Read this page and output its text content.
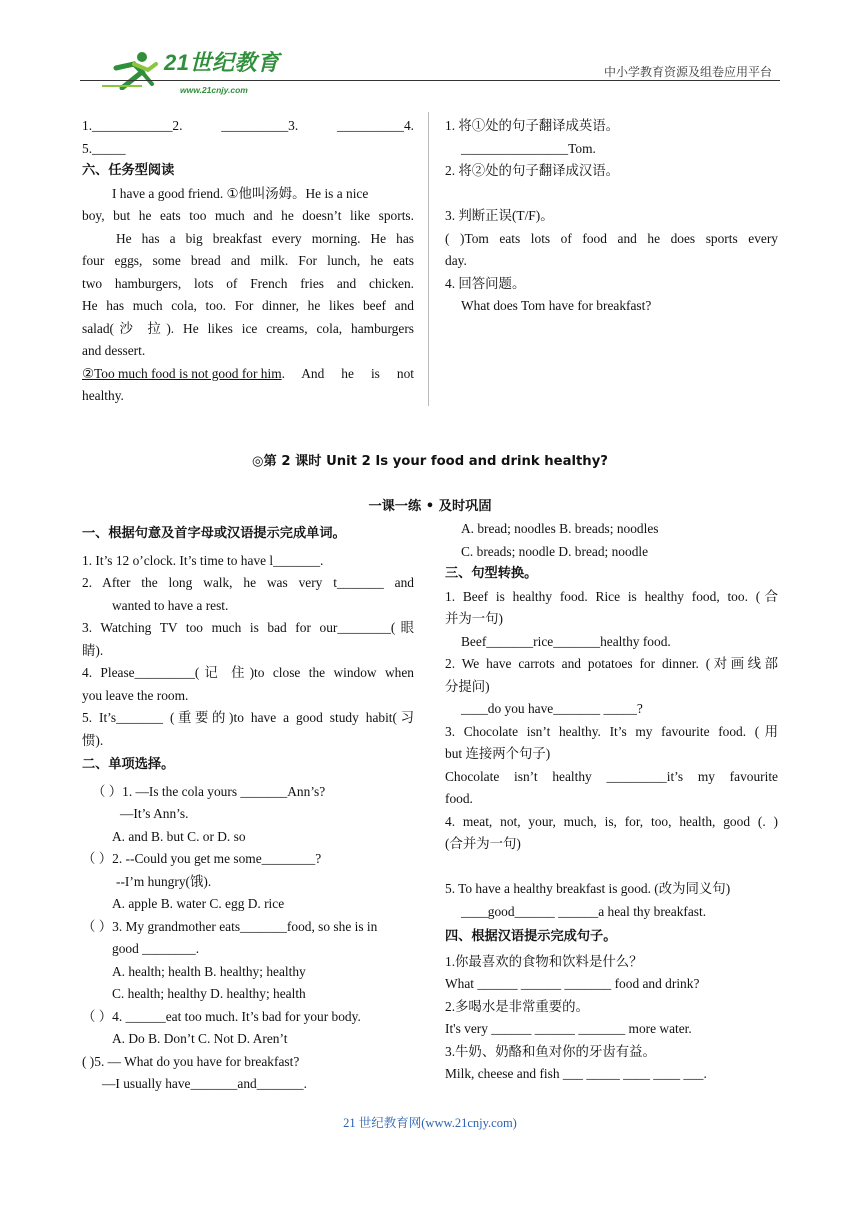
21世纪教育
www.21cnjy.com
中小学教育资源及组卷应用平台
1.____________2. __________3. __________4.
5._____
六、任务型阅读
I have a good friend. ①他叫汤姆。He is a nice
boy, but he eats too much and he doesn’t like sports.
He has a big breakfast every morning. He has
four eggs, some bread and milk. For lunch, he eats
two hamburgers, lots of French fries and chicken.
He has much cola, too. For dinner, he likes beef and
salad(沙 拉). He likes ice creams, cola, hamburgers
and dessert.
②Too much food is not good for him . And he is not
healthy.
1. 将①处的句子翻译成英语。
________________Tom.
2. 将②处的句子翻译成汉语。
3. 判断正误(T/F)。
( )Tom eats lots of food and he does sports every
day.
4. 回答问题。
What does Tom have for breakfast?
◎第 2 课时 Unit 2 Is your food and drink healthy?
一课一练 • 及时巩固
一、根据句意及首字母或汉语提示完成单词。
1. It’s 12 o’clock. It’s time to have l_______.
2. After the long walk, he was very t_______ and
wanted to have a rest.
3. Watching TV too much is bad for our________(眼
睛).
4. Please_________(记 住)to close the window when
you leave the room.
5. It’s_______ (重要的)to have a good study habit(习
惯).
二、单项选择。
（ ）1. —Is the cola yours _______Ann’s?
—It’s Ann’s.
A. and B. but C. or D. so
（ ）2. --Could you get me some________?
--I’m hungry(饿).
A. apple B. water C. egg D. rice
（ ）3. My grandmother eats_______food, so she is in
good ________.
A. health; health B. healthy; healthy
C. health; healthy D. healthy; health
（ ）4. ______eat too much. It’s bad for your body.
A. Do B. Don’t C. Not D. Aren’t
( )5. — What do you have for breakfast?
—I usually have_______and_______.
A. bread; noodles B. breads; noodles
C. breads; noodle D. bread; noodle
三、句型转换。
1. Beef is healthy food. Rice is healthy food, too. (合
并为一句)
Beef_______rice_______healthy food.
2. We have carrots and potatoes for dinner. (对画线部
分提问)
____do you have_______ _____?
3. Chocolate isn’t healthy. It’s my favourite food. (用
but 连接两个句子)
Chocolate isn’t healthy _________it’s my favourite
food.
4. meat, not, your, much, is, for, too, health, good (. )
(合并为一句)
5. To have a healthy breakfast is good. (改为同义句)
____good______ ______a heal thy breakfast.
四、根据汉语提示完成句子。
1.你最喜欢的食物和饮料是什么？
What ______ ______ _______ food and drink?
2.多喝水是非常重要的。
It's very ______ ______ _______ more water.
3.牛奶、奶酪和鱼对你的牙齿有益。
Milk, cheese and fish ___ _____ ____ ____ ___.
21 世纪教育网(www.21cnjy.com)
